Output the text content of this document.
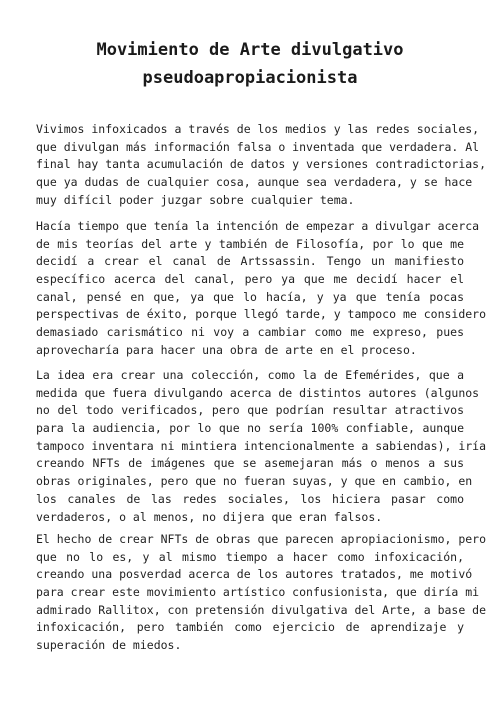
Movimiento de Arte divulgativo
pseudoapropiacionista
Vivimos infoxicados a través de los medios y las redes sociales,
que divulgan más información falsa o inventada que verdadera. Al
final hay tanta acumulación de datos y versiones contradictorias,
que ya dudas de cualquier cosa, aunque sea verdadera, y se hace
muy difícil poder juzgar sobre cualquier tema.
Hacía tiempo que tenía la intención de empezar a divulgar acerca
de mis teorías del arte y también de Filosofía, por lo que me
decidí a crear el canal de Artssassin. Tengo un manifiesto
específico acerca del canal, pero ya que me decidí hacer el
canal, pensé en que, ya que lo hacía, y ya que tenía pocas
perspectivas de éxito, porque llegó tarde, y tampoco me considero
demasiado carismático ni voy a cambiar como me expreso, pues
aprovecharía para hacer una obra de arte en el proceso.
La idea era crear una colección, como la de Efemérides, que a
medida que fuera divulgando acerca de distintos autores (algunos
no del todo verificados, pero que podrían resultar atractivos
para la audiencia, por lo que no sería 100% confiable, aunque
tampoco inventara ni mintiera intencionalmente a sabiendas), iría
creando NFTs de imágenes que se asemejaran más o menos a sus
obras originales, pero que no fueran suyas, y que en cambio, en
los canales de las redes sociales, los hiciera pasar como
verdaderos, o al menos, no dijera que eran falsos.
El hecho de crear NFTs de obras que parecen apropiacionismo, pero
que no lo es, y al mismo tiempo a hacer como infoxicación,
creando una posverdad acerca de los autores tratados, me motivó
para crear este movimiento artístico confusionista, que diría mi
admirado Rallitox, con pretensión divulgativa del Arte, a base de
infoxicación, pero también como ejercicio de aprendizaje y
superación de miedos.
